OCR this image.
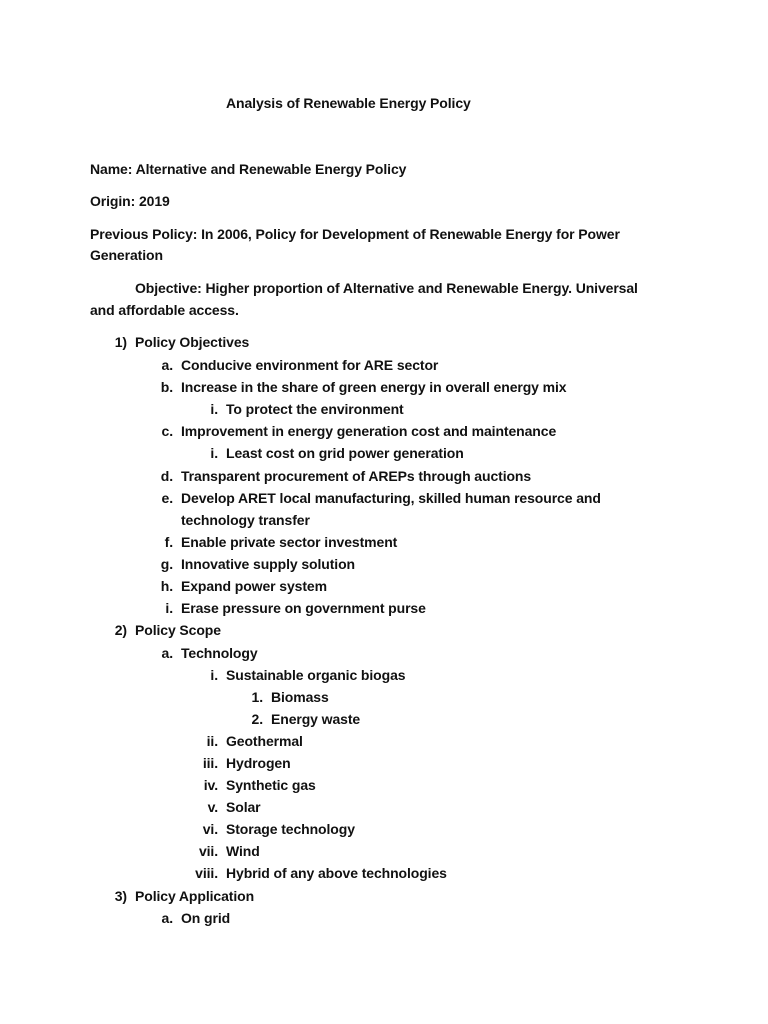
Analysis of Renewable Energy Policy
Name: Alternative and Renewable Energy Policy
Origin: 2019
Previous Policy: In 2006, Policy for Development of Renewable Energy for Power
Generation
Objective: Higher proportion of Alternative and Renewable Energy. Universal
and affordable access.
1) Policy Objectives
a. Conducive environment for ARE sector
b. Increase in the share of green energy in overall energy mix
i. To protect the environment
c. Improvement in energy generation cost and maintenance
i. Least cost on grid power generation
d. Transparent procurement of AREPs through auctions
e. Develop ARET local manufacturing, skilled human resource and
technology transfer
f. Enable private sector investment
g. Innovative supply solution
h. Expand power system
i. Erase pressure on government purse
2) Policy Scope
a. Technology
i. Sustainable organic biogas
1. Biomass
2. Energy waste
ii. Geothermal
iii. Hydrogen
iv. Synthetic gas
v. Solar
vi. Storage technology
vii. Wind
viii. Hybrid of any above technologies
3) Policy Application
a. On grid
